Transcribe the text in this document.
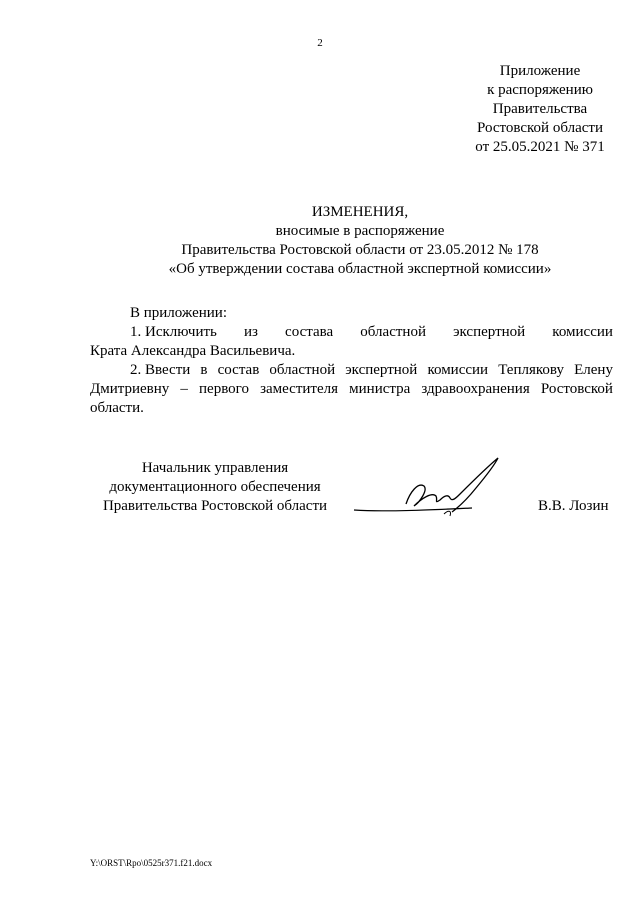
2
Приложение
к распоряжению
Правительства
Ростовской области
от 25.05.2021 № 371
ИЗМЕНЕНИЯ,
вносимые в распоряжение
Правительства Ростовской области от 23.05.2012 № 178
«Об утверждении состава областной экспертной комиссии»
В приложении:
1. Исключить из состава областной экспертной комиссии
Крата Александра Васильевича.
2. Ввести в состав областной экспертной комиссии Теплякову Елену
Дмитриевну – первого заместителя министра здравоохранения Ростовской
области.
Начальник управления
документационного обеспечения
Правительства Ростовской области	В.В. Лозин
Y:\ORST\Rpo\0525r371.f21.docx
